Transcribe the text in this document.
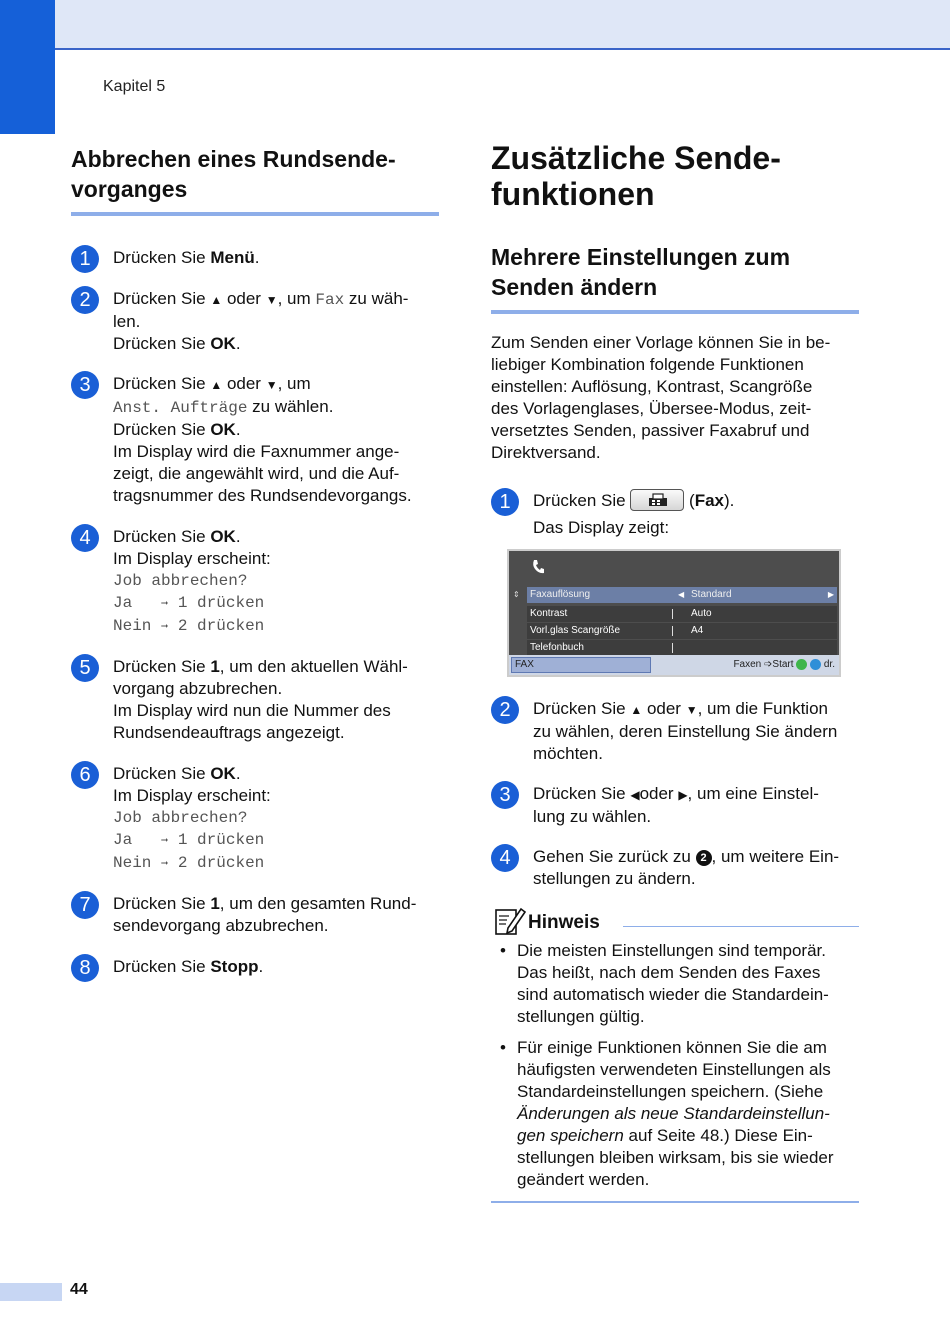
Kapitel 5
Abbrechen eines Rundsende-
vorganges
1	Drücken Sie Menü.
2	Drücken Sie ▲ oder ▼, um Fax zu wäh-
len.
Drücken Sie OK.
3	Drücken Sie ▲ oder ▼, um
Anst. Aufträge zu wählen.
Drücken Sie OK.
Im Display wird die Faxnummer ange-
zeigt, die angewählt wird, und die Auf-
tragsnummer des Rundsendevorgangs.
4	Drücken Sie OK.
Im Display erscheint:
Job abbrechen?
Ja   ➞ 1 drücken
Nein ➞ 2 drücken
5	Drücken Sie 1, um den aktuellen Wähl-
vorgang abzubrechen.
Im Display wird nun die Nummer des
Rundsendeauftrags angezeigt.
6	Drücken Sie OK.
Im Display erscheint:
Job abbrechen?
Ja   ➞ 1 drücken
Nein ➞ 2 drücken
7	Drücken Sie 1, um den gesamten Rund-
sendevorgang abzubrechen.
8	Drücken Sie Stopp.
Zusätzliche Sende-
funktionen
Mehrere Einstellungen zum
Senden ändern
Zum Senden einer Vorlage können Sie in be-
liebiger Kombination folgende Funktionen
einstellen: Auflösung, Kontrast, Scangröße
des Vorlagenglases, Übersee-Modus, zeit-
versetztes Senden, passiver Faxabruf und
Direktversand.
1	Drücken Sie	(Fax).
Das Display zeigt:
⇕ Faxauflösung	◀ Standard	▶
Kontrast	Auto
Vorl.glas Scangröße	A4
Telefonbuch
FAX	Faxen ➩Start   dr.
2	Drücken Sie ▲ oder ▼, um die Funktion
zu wählen, deren Einstellung Sie ändern
möchten.
3	Drücken Sie ◀oder ▶, um eine Einstel-
lung zu wählen.
4	Gehen Sie zurück zu 2 , um weitere Ein-
stellungen zu ändern.
Hinweis
• Die meisten Einstellungen sind temporär.
Das heißt, nach dem Senden des Faxes
sind automatisch wieder die Standardein-
stellungen gültig.
• Für einige Funktionen können Sie die am
häufigsten verwendeten Einstellungen als
Standardeinstellungen speichern. (Siehe
Änderungen als neue Standardeinstellun-
gen speichern auf Seite 48.) Diese Ein-
stellungen bleiben wirksam, bis sie wieder
geändert werden.
44
